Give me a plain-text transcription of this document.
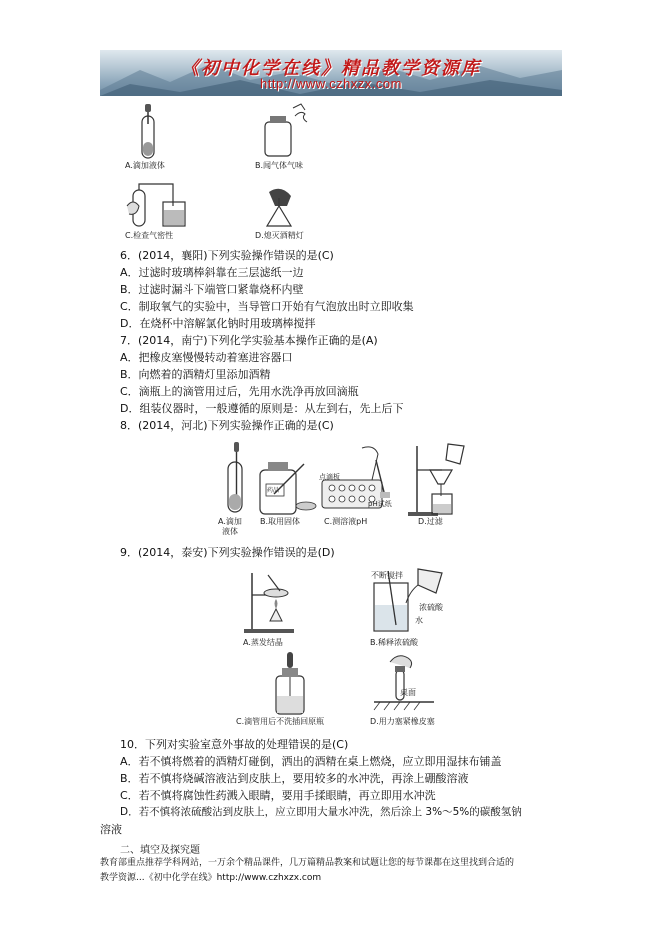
《初中化学在线》精品教学资源库
http://www.czhxzx.com
A.滴加液体	B.闻气体气味
C.检查气密性	D.熄灭酒精灯
6．(2014，襄阳)下列实验操作错误的是(C)
A．过滤时玻璃棒斜靠在三层滤纸一边
B．过滤时漏斗下端管口紧靠烧杯内壁
C．制取氧气的实验中，当导管口开始有气泡放出时立即收集
D．在烧杯中溶解氯化钠时用玻璃棒搅拌
7．(2014，南宁)下列化学实验基本操作正确的是(A)
A．把橡皮塞慢慢转动着塞进容器口
B．向燃着的酒精灯里添加酒精
C．滴瓶上的滴管用过后，先用水洗净再放回滴瓶
D．组装仪器时，一般遵循的原则是：从左到右，先上后下
8．(2014，河北)下列实验操作正确的是(C)
A.滴加
液体
B.取用固体	C.测溶液pH	D.过滤
点滴板
pH试纸
药品
9．(2014，泰安)下列实验操作错误的是(D)
A.蒸发结晶
不断搅拌
浓硫酸
水
B.稀释浓硫酸
C.滴管用后不洗插回原瓶
桌面
D.用力塞紧橡皮塞
10．下列对实验室意外事故的处理错误的是(C)
A．若不慎将燃着的酒精灯碰倒，洒出的酒精在桌上燃烧，应立即用湿抹布铺盖
B．若不慎将烧碱溶液沾到皮肤上，要用较多的水冲洗，再涂上硼酸溶液
C．若不慎将腐蚀性药溅入眼睛，要用手揉眼睛，再立即用水冲洗
D．若不慎将浓硫酸沾到皮肤上，应立即用大量水冲洗，然后涂上 3%～5%的碳酸氢钠
溶液
二、填空及探究题
教育部重点推荐学科网站，一万余个精品课件，几万篇精品教案和试题让您的每节课都在这里找到合适的
教学资源...《初中化学在线》http://www.czhxzx.com
